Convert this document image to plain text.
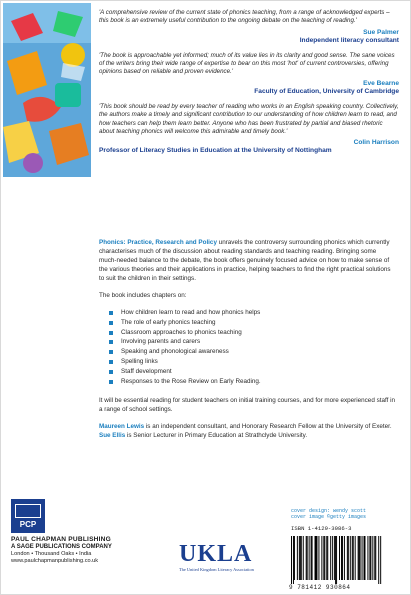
'A comprehensive review of the current state of phonics teaching, from a range of acknowledged experts – this book is an extremely useful contribution to the ongoing debate on the teaching of reading.'
Sue Palmer
Independent literacy consultant
'The book is approachable yet informed; much of its value lies in its clarity and good sense. The sane voices of the writers bring their wide range of expertise to bear on this most 'hot' of current controversies, offering opinions based on reliable and proven evidence.'
Eve Bearne
Faculty of Education, University of Cambridge
'This book should be read by every teacher of reading who works in an English speaking country. Collectively, the authors make a timely and significant contribution to our understanding of how children learn to read, and how teachers can help them learn better. Anyone who has been frustrated by partial and biased rhetoric about teaching phonics will welcome this admirable and timely book.'
Colin Harrison
Professor of Literacy Studies in Education at the University of Nottingham

Phonics: Practice, Research and Policy unravels the controversy surrounding phonics which currently characterises much of the discussion about reading standards and teaching reading. Bringing some much-needed balance to the debate, the book offers genuinely focused advice on how to make sense of the various theories and their applications in practice, helping teachers to find the right practical solutions to suit the children in their settings.

The book includes chapters on:

How children learn to read and how phonics helps
The role of early phonics teaching
Classroom approaches to phonics teaching
Involving parents and carers
Speaking and phonological awareness
Spelling links
Staff development
Responses to the Rose Review on Early Reading.

It will be essential reading for student teachers on initial training courses, and for more experienced staff in a range of school settings.

Maureen Lewis is an independent consultant, and Honorary Research Fellow at the University of Exeter.
Sue Ellis is Senior Lecturer in Primary Education at Strathclyde University.

PCP
PAUL CHAPMAN PUBLISHING
A SAGE PUBLICATIONS COMPANY
London • Thousand Oaks • India
www.paulchapmanpublishing.co.uk	UKLA
The United Kingdom Literacy Association
cover design: wendy scott
cover image ©getty images
ISBN 1-4129-3086-3
9 781412 930864
